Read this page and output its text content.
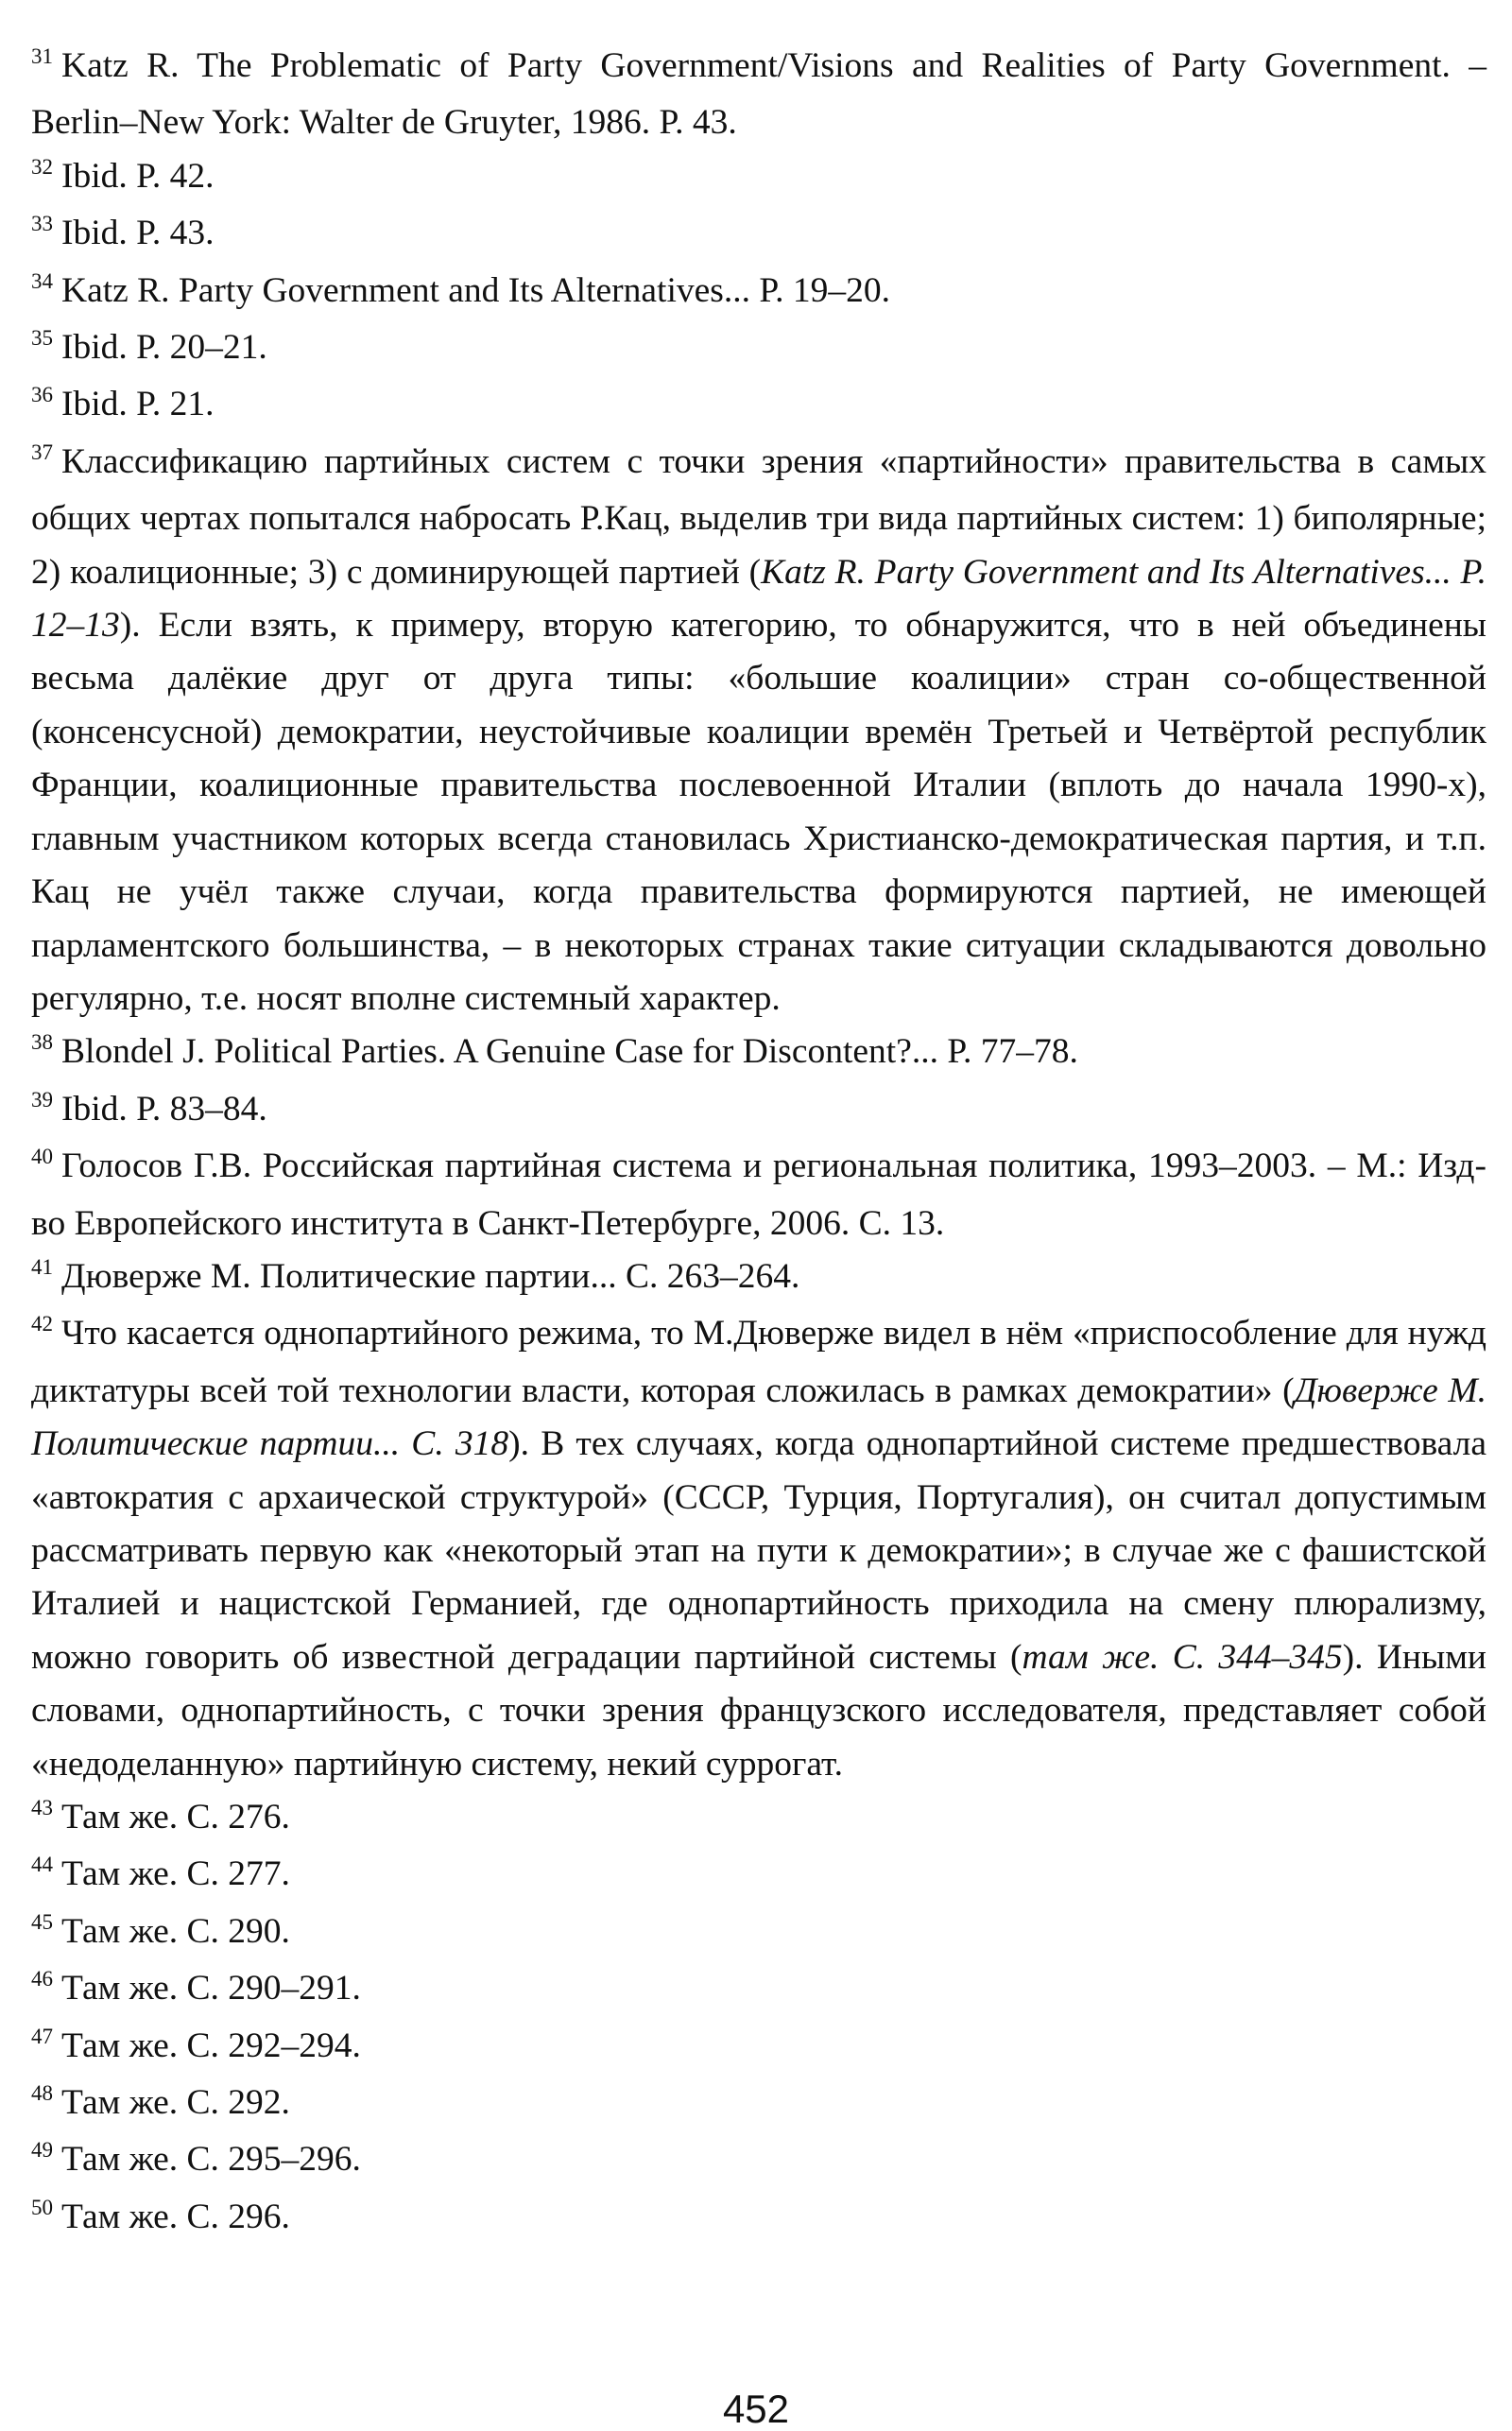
$^{31}$ Katz R. The Problematic of Party Government/Visions and Realities of Party Government. – Berlin–New York: Walter de Gruyter, 1986. P. 43.

$^{32}$ Ibid. P. 42.

$^{33}$ Ibid. P. 43.

$^{34}$ Katz R. Party Government and Its Alternatives... P. 19–20.

$^{35}$ Ibid. P. 20–21.

$^{36}$ Ibid. P. 21.

$^{37}$ Классификацию партийных систем с точки зрения «партийности» правительства в самых общих чертах попытался набросать Р.Кац, выделив три вида партийных систем: 1) биполярные; 2) коалиционные; 3) с доминирующей партией (Katz R. Party Government and Its Alternatives... P. 12–13). Если взять, к примеру, вторую категорию, то обнаружится, что в ней объединены весьма далёкие друг от друга типы: «большие коалиции» стран со-общественной (консенсусной) демократии, неустойчивые коалиции времён Третьей и Четвёртой республик Франции, коалиционные правительства послевоенной Италии (вплоть до начала 1990-х), главным участником которых всегда становилась Христианско-демократическая партия, и т.п. Кац не учёл также случаи, когда правительства формируются партией, не имеющей парламентского большинства, – в некоторых странах такие ситуации складываются довольно регулярно, т.е. носят вполне системный характер.

$^{38}$ Blondel J. Political Parties. A Genuine Case for Discontent?... P. 77–78.

$^{39}$ Ibid. P. 83–84.

$^{40}$ Голосов Г.В. Российская партийная система и региональная политика, 1993–2003. – М.: Изд-во Европейского института в Санкт-Петербурге, 2006. С. 13.

$^{41}$ Дюверже М. Политические партии... С. 263–264.

$^{42}$ Что касается однопартийного режима, то М.Дюверже видел в нём «приспособление для нужд диктатуры всей той технологии власти, которая сложилась в рамках демократии» (Дюверже М. Политические партии... С. 318). В тех случаях, когда однопартийной системе предшествовала «автократия с архаической структурой» (СССР, Турция, Португалия), он считал допустимым рассматривать первую как «некоторый этап на пути к демократии»; в случае же с фашистской Италией и нацистской Германией, где однопартийность приходила на смену плюрализму, можно говорить об известной деградации партийной системы (там же. С. 344–345). Иными словами, однопартийность, с точки зрения французского исследователя, представляет собой «недоделанную» партийную систему, некий суррогат.

$^{43}$ Там же. С. 276.

$^{44}$ Там же. С. 277.

$^{45}$ Там же. С. 290.

$^{46}$ Там же. С. 290–291.

$^{47}$ Там же. С. 292–294.

$^{48}$ Там же. С. 292.

$^{49}$ Там же. С. 295–296.

$^{50}$ Там же. С. 296.

452
